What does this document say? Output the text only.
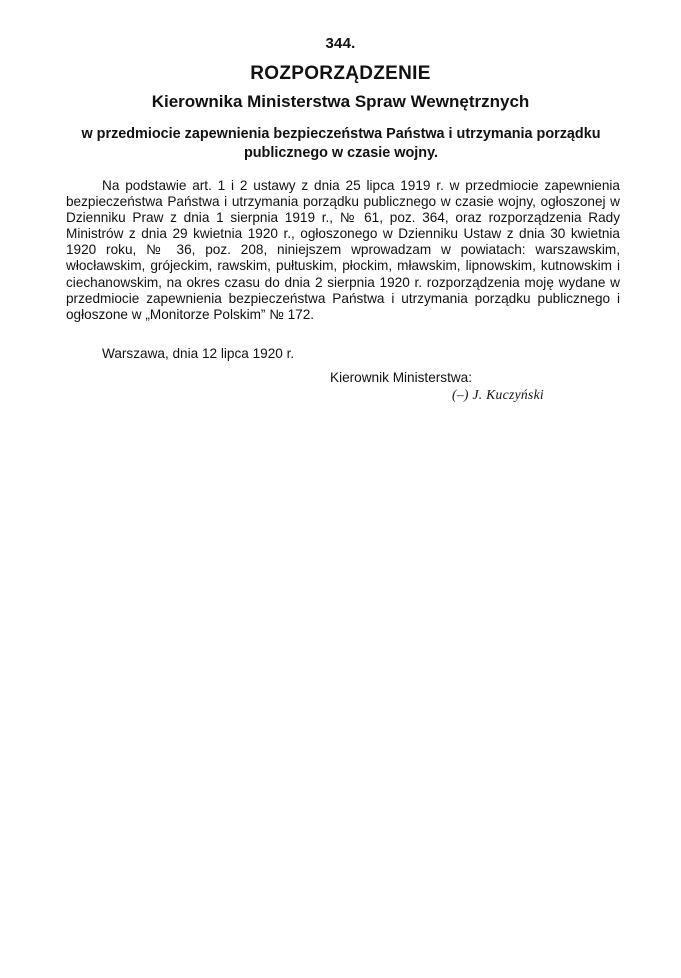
344.
ROZPORZĄDZENIE
Kierownika Ministerstwa Spraw Wewnętrznych
w przedmiocie zapewnienia bezpieczeństwa Państwa i utrzymania porządku publicznego w czasie wojny.
Na podstawie art. 1 i 2 ustawy z dnia 25 lipca 1919 r. w przedmiocie zapewnienia bezpieczeństwa Państwa i utrzymania porządku publicznego w czasie wojny, ogłoszonej w Dzienniku Praw z dnia 1 sierpnia 1919 r., № 61, poz. 364, oraz rozporządzenia Rady Ministrów z dnia 29 kwietnia 1920 r., ogłoszonego w Dzienniku Ustaw z dnia 30 kwietnia 1920 roku, № 36, poz. 208, niniejszem wprowadzam w powiatach: warszawskim, włocławskim, grójeckim, rawskim, pułtuskim, płockim, mławskim, lipnowskim, kutnowskim i ciechanowskim, na okres czasu do dnia 2 sierpnia 1920 r. rozporządzenia moję wydane w przedmiocie zapewnienia bezpieczeństwa Państwa i utrzymania porządku publicznego i ogłoszone w „Monitorze Polskim” № 172.
Warszawa, dnia 12 lipca 1920 r.
Kierownik Ministerstwa:
(–) J. Kuczyński
